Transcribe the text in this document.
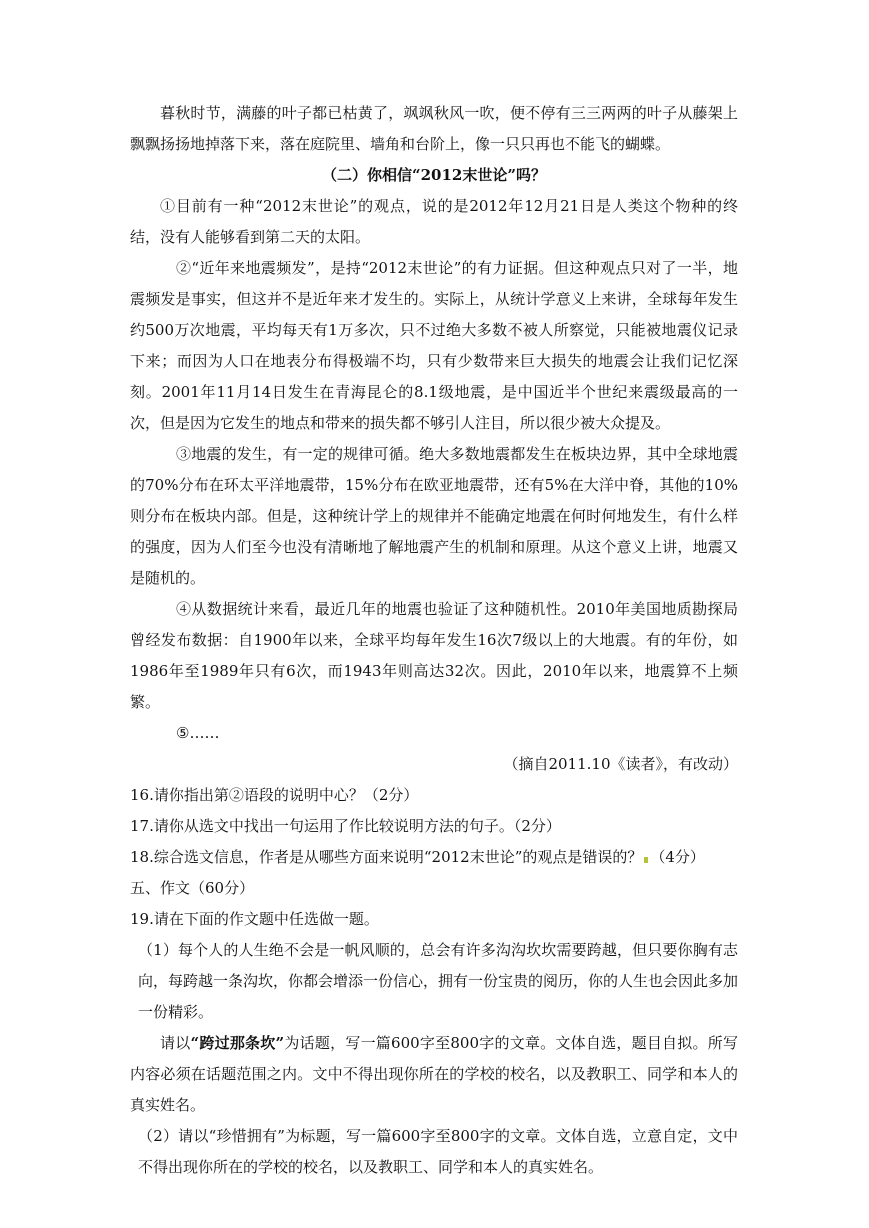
暮秋时节，满藤的叶子都已枯黄了，飒飒秋风一吹，便不停有三三两两的叶子从藤架上飘飘扬扬地掉落下来，落在庭院里、墙角和台阶上，像一只只再也不能飞的蝴蝶。

（二）你相信“2012末世论”吗？

①目前有一种“2012末世论”的观点，说的是2012年12月21日是人类这个物种的终结，没有人能够看到第二天的太阳。

②“近年来地震频发”，是持“2012末世论”的有力证据。但这种观点只对了一半，地震频发是事实，但这并不是近年来才发生的。实际上，从统计学意义上来讲，全球每年发生约500万次地震，平均每天有1万多次，只不过绝大多数不被人所察觉，只能被地震仪记录下来；而因为人口在地表分布得极端不均，只有少数带来巨大损失的地震会让我们记忆深刻。2001年11月14日发生在青海昆仑的8.1级地震，是中国近半个世纪来震级最高的一次，但是因为它发生的地点和带来的损失都不够引人注目，所以很少被大众提及。

③地震的发生，有一定的规律可循。绝大多数地震都发生在板块边界，其中全球地震的70%分布在环太平洋地震带，15%分布在欧亚地震带，还有5%在大洋中脊，其他的10%则分布在板块内部。但是，这种统计学上的规律并不能确定地震在何时何地发生，有什么样的强度，因为人们至今也没有清晰地了解地震产生的机制和原理。从这个意义上讲，地震又是随机的。

④从数据统计来看，最近几年的地震也验证了这种随机性。2010年美国地质勘探局曾经发布数据：自1900年以来，全球平均每年发生16次7级以上的大地震。有的年份，如1986年至1989年只有6次，而1943年则高达32次。因此，2010年以来，地震算不上频繁。

⑤……

（摘自2011.10《读者》，有改动）

16.请你指出第②语段的说明中心？（2分）

17.请你从选文中找出一句运用了作比较说明方法的句子。（2分）

18.综合选文信息，作者是从哪些方面来说明“2012末世论”的观点是错误的？ （4分）

五、作文（60分）

19.请在下面的作文题中任选做一题。

（1）每个人的人生绝不会是一帆风顺的，总会有许多沟沟坎坎需要跨越，但只要你胸有志向，每跨越一条沟坎，你都会增添一份信心，拥有一份宝贵的阅历，你的人生也会因此多加一份精彩。

请以“跨过那条坎”为话题，写一篇600字至800字的文章。文体自选，题目自拟。所写内容必须在话题范围之内。文中不得出现你所在的学校的校名，以及教职工、同学和本人的真实姓名。

（2）请以“珍惜拥有”为标题，写一篇600字至800字的文章。文体自选，立意自定，文中不得出现你所在的学校的校名，以及教职工、同学和本人的真实姓名。
